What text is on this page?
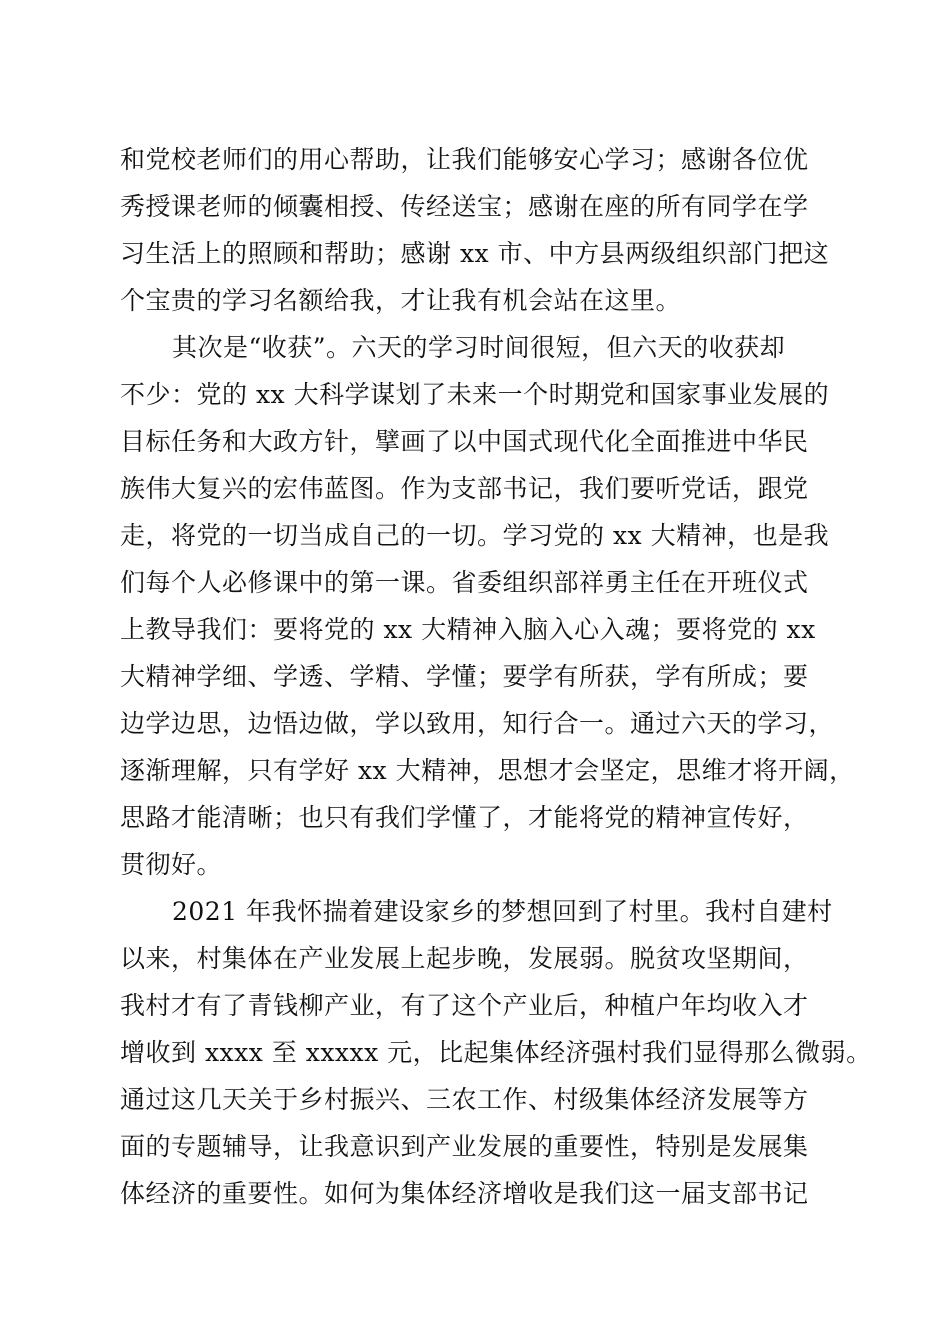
和党校老师们的用心帮助，让我们能够安心学习；感谢各位优
秀授课老师的倾囊相授、传经送宝；感谢在座的所有同学在学
习生活上的照顾和帮助；感谢 xx 市、中方县两级组织部门把这
个宝贵的学习名额给我，才让我有机会站在这里。
其次是“收获”。六天的学习时间很短，但六天的收获却
不少：党的 xx 大科学谋划了未来一个时期党和国家事业发展的
目标任务和大政方针，擘画了以中国式现代化全面推进中华民
族伟大复兴的宏伟蓝图。作为支部书记，我们要听党话，跟党
走，将党的一切当成自己的一切。学习党的 xx 大精神，也是我
们每个人必修课中的第一课。省委组织部祥勇主任在开班仪式
上教导我们：要将党的 xx 大精神入脑入心入魂；要将党的 xx
大精神学细、学透、学精、学懂；要学有所获，学有所成；要
边学边思，边悟边做，学以致用，知行合一。通过六天的学习，
逐渐理解，只有学好 xx 大精神，思想才会坚定，思维才将开阔，
思路才能清晰；也只有我们学懂了，才能将党的精神宣传好，
贯彻好。
2021 年我怀揣着建设家乡的梦想回到了村里。我村自建村
以来，村集体在产业发展上起步晚，发展弱。脱贫攻坚期间，
我村才有了青钱柳产业，有了这个产业后，种植户年均收入才
增收到 xxxx 至 xxxxx 元，比起集体经济强村我们显得那么微弱。
通过这几天关于乡村振兴、三农工作、村级集体经济发展等方
面的专题辅导，让我意识到产业发展的重要性，特别是发展集
体经济的重要性。如何为集体经济增收是我们这一届支部书记
